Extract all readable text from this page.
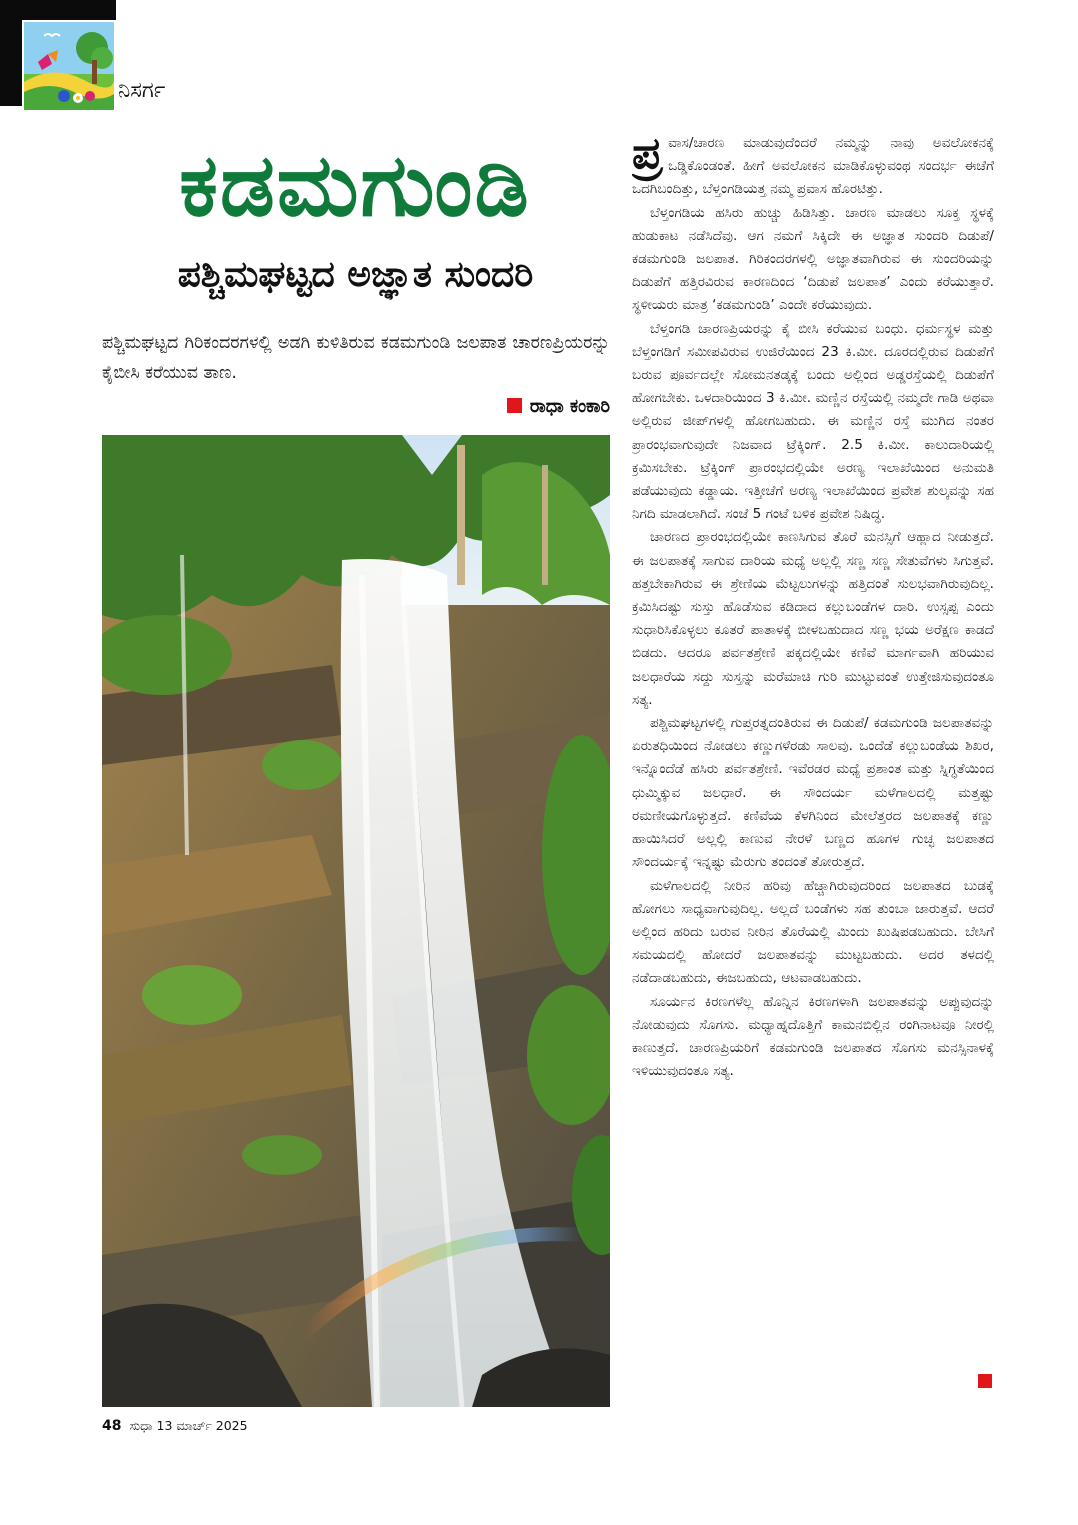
ನಿಸರ್ಗ
ಕಡಮಗುಂಡಿ
ಪಶ್ಚಿಮಘಟ್ಟದ ಅಜ್ಞಾತ ಸುಂದರಿ
ಪಶ್ಚಿಮಘಟ್ಟದ ಗಿರಿಕಂದರಗಳಲ್ಲಿ ಅಡಗಿ ಕುಳಿತಿರುವ ಕಡಮಗುಂಡಿ ಜಲಪಾತ ಚಾರಣಪ್ರಿಯರನ್ನು ಕೈಬೀಸಿ ಕರೆಯುವ ತಾಣ.
ರಾಧಾ ಕಂಕಾರಿ

ಪ್ರ ವಾಸ/ಚಾರಣ ಮಾಡುವುದೆಂದರೆ ನಮ್ಮನ್ನು ನಾವು ಅವಲೋಕನಕ್ಕೆ ಒಡ್ಡಿಕೊಂಡಂತೆ. ಹೀಗೆ ಅವಲೋಕನ ಮಾಡಿಕೊಳ್ಳುವಂಥ ಸಂದರ್ಭ ಈಚೆಗೆ ಒದಗಿಬಂದಿತ್ತು, ಬೆಳ್ತಂಗಡಿಯತ್ತ ನಮ್ಮ ಪ್ರವಾಸ ಹೊರಟಿತ್ತು.

ಬೆಳ್ತಂಗಡಿಯ ಹಸಿರು ಹುಚ್ಚು ಹಿಡಿಸಿತ್ತು. ಚಾರಣ ಮಾಡಲು ಸೂಕ್ತ ಸ್ಥಳಕ್ಕೆ ಹುಡುಕಾಟ ನಡೆಸಿದೆವು. ಆಗ ನಮಗೆ ಸಿಕ್ಕಿದೇ ಈ ಅಜ್ಞಾತ ಸುಂದರಿ ದಿಡುಪೆ/ಕಡಮಗುಂಡಿ ಜಲಪಾತ. ಗಿರಿಕಂದರಗಳಲ್ಲಿ ಅಜ್ಞಾತವಾಗಿರುವ ಈ ಸುಂದರಿಯನ್ನು ದಿಡುಪೆಗೆ ಹತ್ತಿರವಿರುವ ಕಾರಣದಿಂದ ‘ದಿಡುಪೆ ಜಲಪಾತ’ ಎಂದು ಕರೆಯುತ್ತಾರೆ. ಸ್ಥಳೀಯರು ಮಾತ್ರ ‘ಕಡಮಗುಂಡಿ’ ಎಂದೇ ಕರೆಯುವುದು.

ಬೆಳ್ತಂಗಡಿ ಚಾರಣಪ್ರಿಯರನ್ನು ಕೈ ಬೀಸಿ ಕರೆಯುವ ಬಂಧು. ಧರ್ಮಸ್ಥಳ ಮತ್ತು ಬೆಳ್ತಂಗಡಿಗೆ ಸಮೀಪವಿರುವ ಉಜಿರೆಯಿಂದ 23 ಕಿ.ಮೀ. ದೂರದಲ್ಲಿರುವ ದಿಡುಪೆಗೆ ಬರುವ ಪೂರ್ವದಲ್ಲೇ ಸೋಮನತಡ್ಕಕ್ಕೆ ಬಂದು ಅಲ್ಲಿಂದ ಅಡ್ಡರಸ್ತೆಯಲ್ಲಿ ದಿಡುಪೆಗೆ ಹೋಗಬೇಕು. ಒಳದಾರಿಯಿಂದ 3 ಕಿ.ಮೀ. ಮಣ್ಣಿನ ರಸ್ತೆಯಲ್ಲಿ ನಮ್ಮದೇ ಗಾಡಿ ಅಥವಾ ಅಲ್ಲಿರುವ ಜೀಪ್‌ಗಳಲ್ಲಿ ಹೋಗಬಹುದು. ಈ ಮಣ್ಣಿನ ರಸ್ತೆ ಮುಗಿದ ನಂತರ ಪ್ರಾರಂಭವಾಗುವುದೇ ನಿಜವಾದ ಟ್ರೆಕ್ಕಿಂಗ್. 2.5 ಕಿ.ಮೀ. ಕಾಲುದಾರಿಯಲ್ಲಿ ಕ್ರಮಿಸಬೇಕು. ಟ್ರೆಕ್ಕಿಂಗ್ ಪ್ರಾರಂಭದಲ್ಲಿಯೇ ಅರಣ್ಯ ಇಲಾಖೆಯಿಂದ ಅನುಮತಿ ಪಡೆಯುವುದು ಕಡ್ಡಾಯ. ಇತ್ತೀಚೆಗೆ ಅರಣ್ಯ ಇಲಾಖೆಯಿಂದ ಪ್ರವೇಶ ಶುಲ್ಕವನ್ನು ಸಹ ನಿಗದಿ ಮಾಡಲಾಗಿದೆ. ಸಂಜೆ 5 ಗಂಟೆ ಬಳಿಕ ಪ್ರವೇಶ ನಿಷಿದ್ಧ.

ಚಾರಣದ ಪ್ರಾರಂಭದಲ್ಲಿಯೇ ಕಾಣಸಿಗುವ ತೊರೆ ಮನಸ್ಸಿಗೆ ಆಹ್ಲಾದ ನೀಡುತ್ತದೆ. ಈ ಜಲಪಾತಕ್ಕೆ ಸಾಗುವ ದಾರಿಯ ಮಧ್ಯೆ ಅಲ್ಲಲ್ಲಿ ಸಣ್ಣ ಸಣ್ಣ ಸೇತುವೆಗಳು ಸಿಗುತ್ತವೆ. ಹತ್ತಬೇಕಾಗಿರುವ ಈ ಶ್ರೇಣಿಯ ಮೆಟ್ಟಲುಗಳನ್ನು ಹತ್ತಿದಂತೆ ಸುಲಭವಾಗಿರುವುದಿಲ್ಲ. ಕ್ರಮಿಸಿದಷ್ಟು ಸುಸ್ತು ಹೊಡೆಸುವ ಕಡಿದಾದ ಕಲ್ಲುಬಂಡೆಗಳ ದಾರಿ. ಉಸ್ಸಪ್ಪ ಎಂದು ಸುಧಾರಿಸಿಕೊಳ್ಳಲು ಕೂತರೆ ಪಾತಾಳಕ್ಕೆ ಬೀಳಬಹುದಾದ ಸಣ್ಣ ಭಯ ಅರೆಕ್ಷಣ ಕಾಡದೆ ಬಿಡದು. ಆದರೂ ಪರ್ವತಶ್ರೇಣಿ ಪಕ್ಕದಲ್ಲಿಯೇ ಕಣಿವೆ ಮಾರ್ಗವಾಗಿ ಹರಿಯುವ ಜಲಧಾರೆಯ ಸದ್ದು ಸುಸ್ತನ್ನು ಮರೆಮಾಚಿ ಗುರಿ ಮುಟ್ಟುವಂತೆ ಉತ್ತೇಜಿಸುವುದಂತೂ ಸತ್ಯ.

ಪಶ್ಚಿಮಘಟ್ಟಗಳಲ್ಲಿ ಗುಪ್ತರತ್ನದಂತಿರುವ ಈ ದಿಡುಪೆ/ ಕಡಮಗುಂಡಿ ಜಲಪಾತವನ್ನು ಏರುತಧಿಯಿಂದ ನೋಡಲು ಕಣ್ಣುಗಳೆರಡು ಸಾಲವು. ಒಂದೆಡೆ ಕಲ್ಲುಬಂಡೆಯ ಶಿಖರ, ಇನ್ನೊಂದೆಡೆ ಹಸಿರು ಪರ್ವತಶ್ರೇಣಿ. ಇವೆರಡರ ಮಧ್ಯೆ ಪ್ರಶಾಂತ ಮತ್ತು ಸ್ನಿಗ್ಧತೆಯಿಂದ ಧುಮ್ಮಿಕ್ಕುವ ಜಲಧಾರೆ. ಈ ಸೌಂದರ್ಯ ಮಳೆಗಾಲದಲ್ಲಿ ಮತ್ತಷ್ಟು ರಮಣೀಯಗೊಳ್ಳುತ್ತದೆ. ಕಣಿವೆಯ ಕೆಳಗಿನಿಂದ ಮೇಲೆತ್ತರದ ಜಲಪಾತಕ್ಕೆ ಕಣ್ಣು ಹಾಯಿಸಿದರೆ ಅಲ್ಲಲ್ಲಿ ಕಾಣುವ ನೇರಳೆ ಬಣ್ಣದ ಹೂಗಳ ಗುಚ್ಛ ಜಲಪಾತದ ಸೌಂದರ್ಯಕ್ಕೆ ಇನ್ನಷ್ಟು ಮೆರುಗು ತಂದಂತೆ ತೋರುತ್ತದೆ.

ಮಳೆಗಾಲದಲ್ಲಿ ನೀರಿನ ಹರಿವು ಹೆಚ್ಚಾಗಿರುವುದರಿಂದ ಜಲಪಾತದ ಬುಡಕ್ಕೆ ಹೋಗಲು ಸಾಧ್ಯವಾಗುವುದಿಲ್ಲ. ಅಲ್ಲದೆ ಬಂಡೆಗಳು ಸಹ ತುಂಬಾ ಜಾರುತ್ತವೆ. ಆದರೆ ಅಲ್ಲಿಂದ ಹರಿದು ಬರುವ ನೀರಿನ ತೊರೆಯಲ್ಲಿ ಮಿಂದು ಖುಷಿಪಡಬಹುದು. ಬೇಸಿಗೆ ಸಮಯದಲ್ಲಿ ಹೋದರೆ ಜಲಪಾತವನ್ನು ಮುಟ್ಟಬಹುದು. ಅದರ ತಳದಲ್ಲಿ ನಡೆದಾಡಬಹುದು, ಈಜಬಹುದು, ಆಟವಾಡಬಹುದು.

ಸೂರ್ಯನ ಕಿರಣಗಳೆಲ್ಲ ಹೊನ್ನಿನ ಕಿರಣಗಳಾಗಿ ಜಲಪಾತವನ್ನು ಅಪ್ಪುವುದನ್ನು ನೋಡುವುದು ಸೊಗಸು. ಮಧ್ಯಾಹ್ನದೊತ್ತಿಗೆ ಕಾಮನಬಿಲ್ಲಿನ ರಂಗಿನಾಟವೂ ನೀರಲ್ಲಿ ಕಾಣುತ್ತದೆ. ಚಾರಣಪ್ರಿಯರಿಗೆ ಕಡಮಗುಂಡಿ ಜಲಪಾತದ ಸೊಗಸು ಮನಸ್ಸಿನಾಳಕ್ಕೆ ಇಳಿಯುವುದಂತೂ ಸತ್ಯ.

48 ಸುಧಾ 13 ಮಾರ್ಚ್ 2025
